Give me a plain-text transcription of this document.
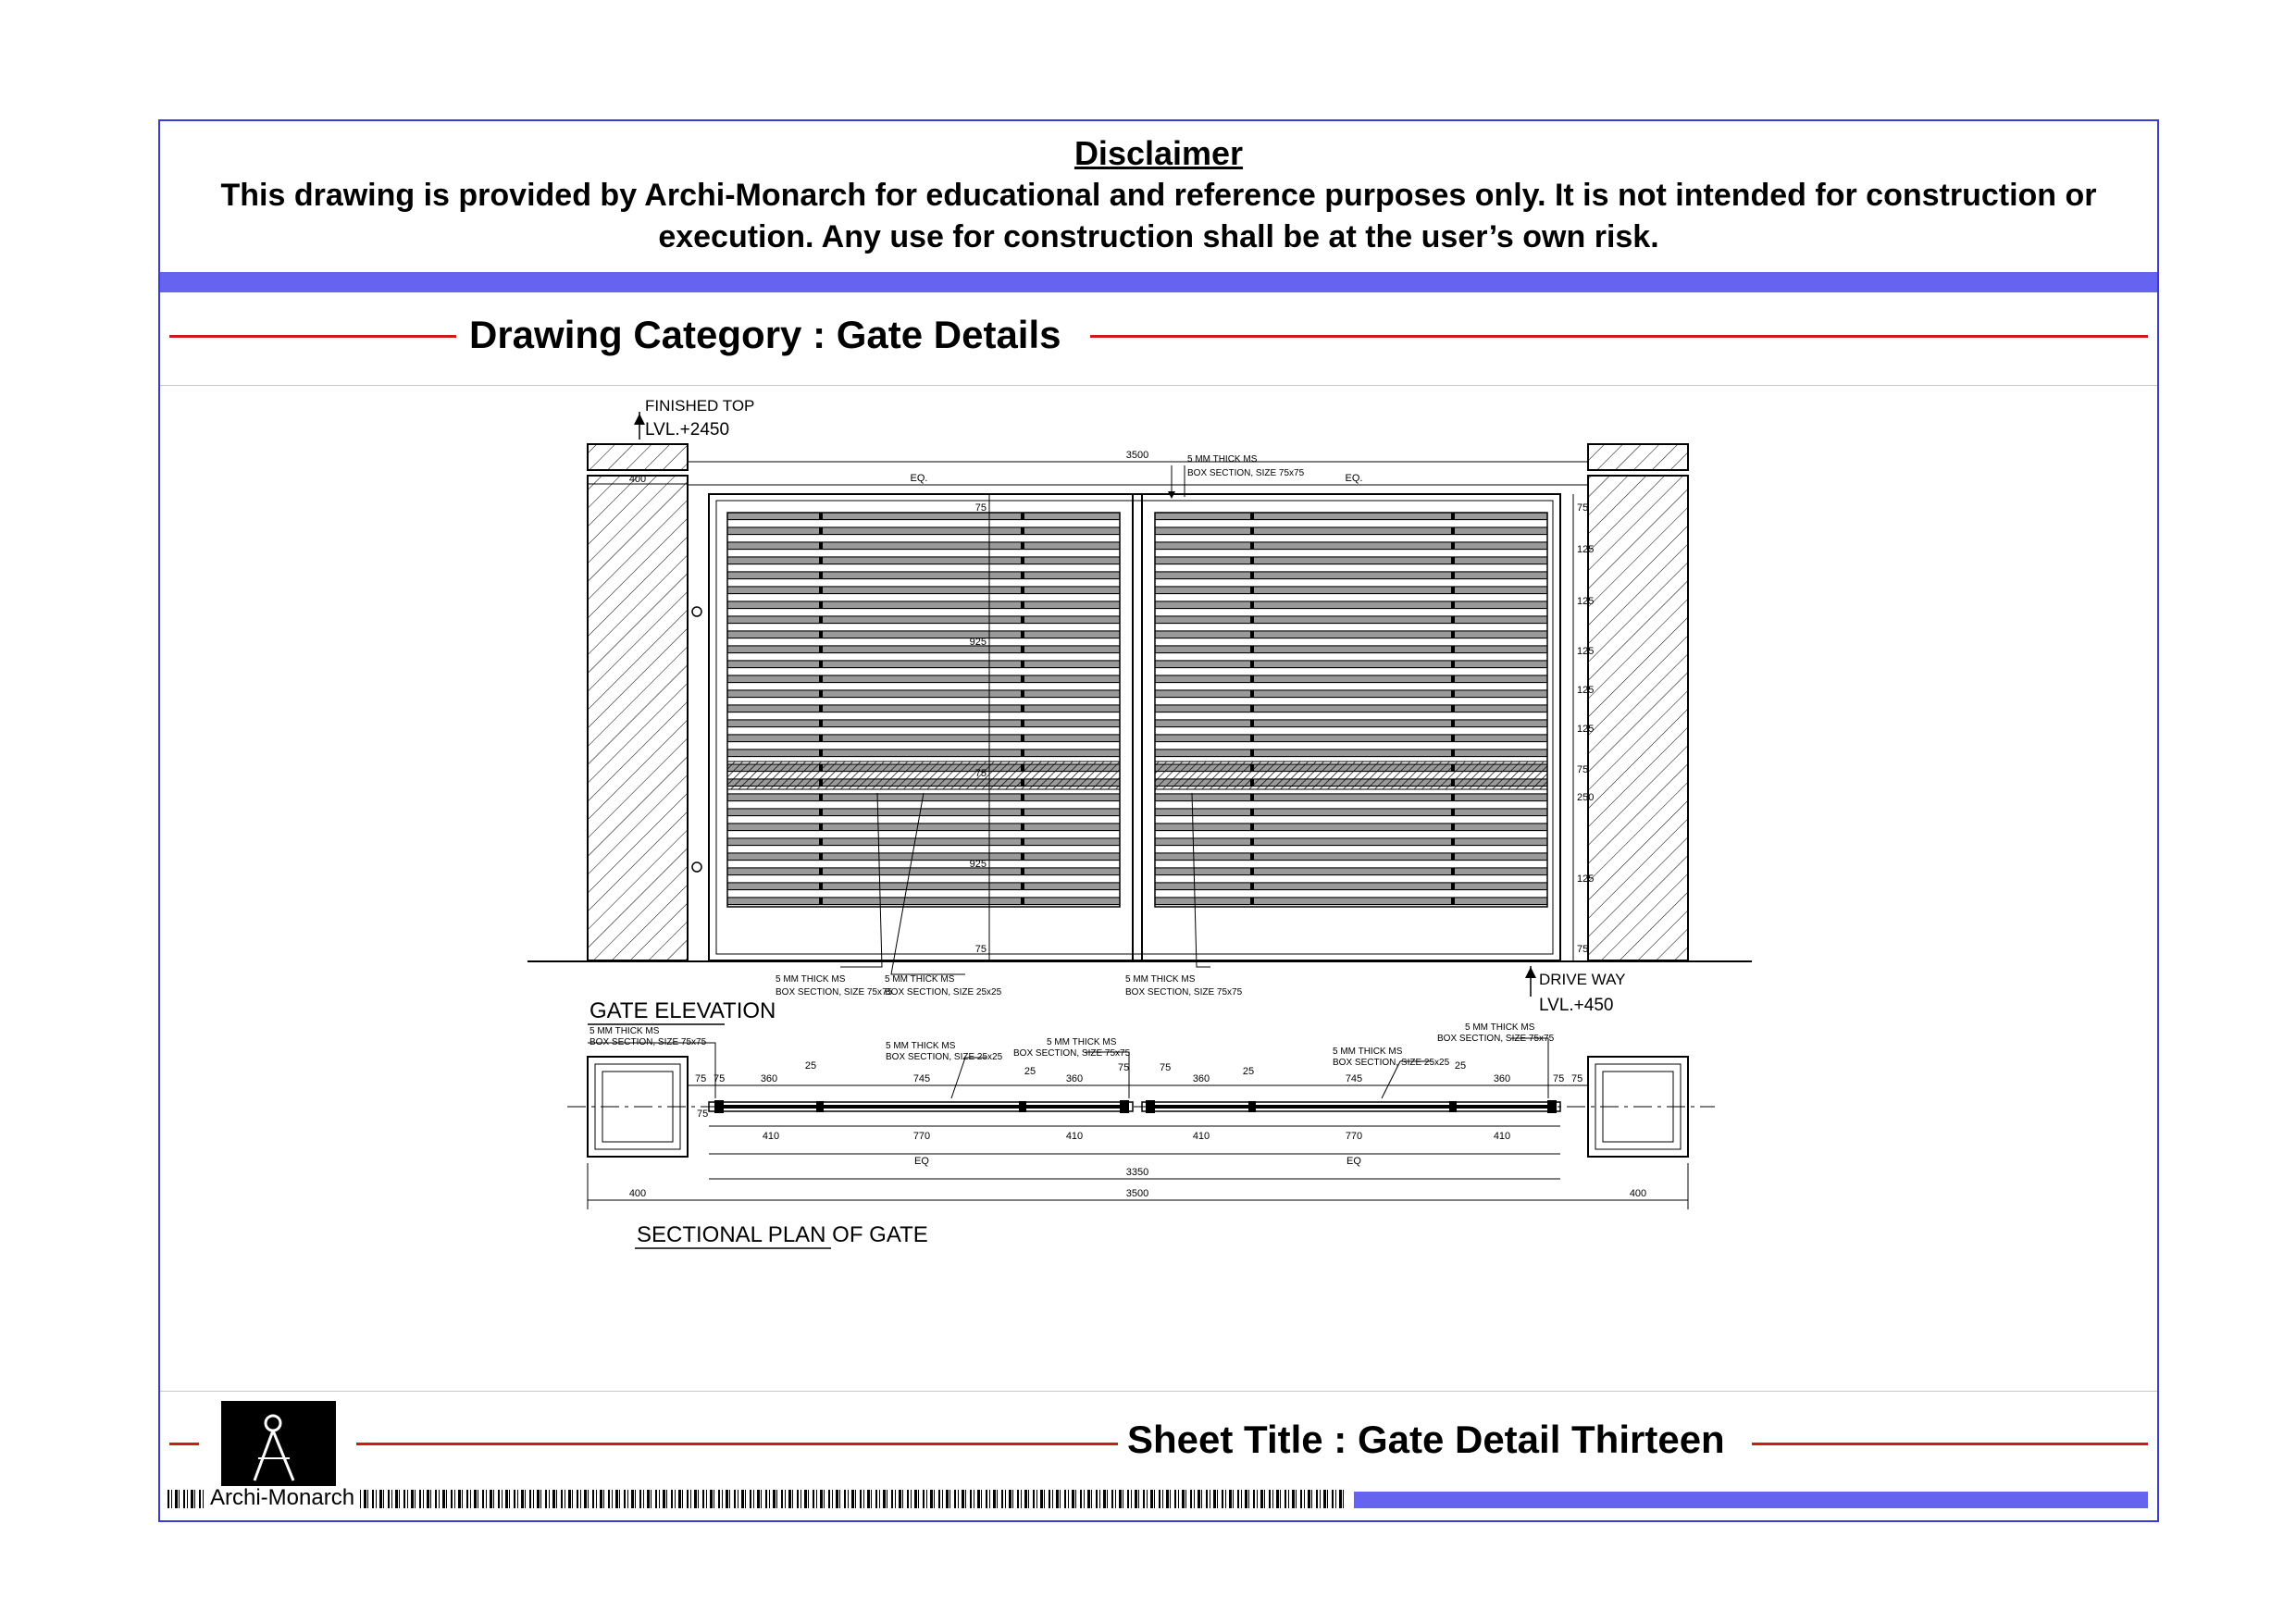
Disclaimer
This drawing is provided by Archi-Monarch for educational and reference purposes only. It is not intended for construction or execution. Any use for construction shall be at the user’s own risk.
Drawing Category : Gate Details
FINISHED TOP
LVL.+2450
400
3500
EQ.	EQ.
5 MM THICK MS
BOX SECTION, SIZE 75x75
75
925
75
925
75
75
125
125
125
125
125
75
250
125
75
5 MM THICK MS
BOX SECTION, SIZE 75x75
5 MM THICK MS
BOX SECTION, SIZE 25x25
5 MM THICK MS
BOX SECTION, SIZE 75x75
DRIVE WAY
LVL.+450
GATE ELEVATION
75 75	360
25
745
25
360
75	75
360
25
745
25
360	75 75
75
5 MM THICK MS
BOX SECTION, SIZE 75x75	5 MM THICK MS
BOX SECTION, SIZE 25x25
5 MM THICK MS
BOX SECTION, SIZE 75x75	5 MM THICK MS
BOX SECTION, SIZE 25x25
5 MM THICK MS
BOX SECTION, SIZE 75x75
410	770	410	410	770	410
EQ	EQ
3350
3500
400	400
SECTIONAL PLAN OF GATE
Sheet Title : Gate Detail Thirteen
Archi-Monarch
